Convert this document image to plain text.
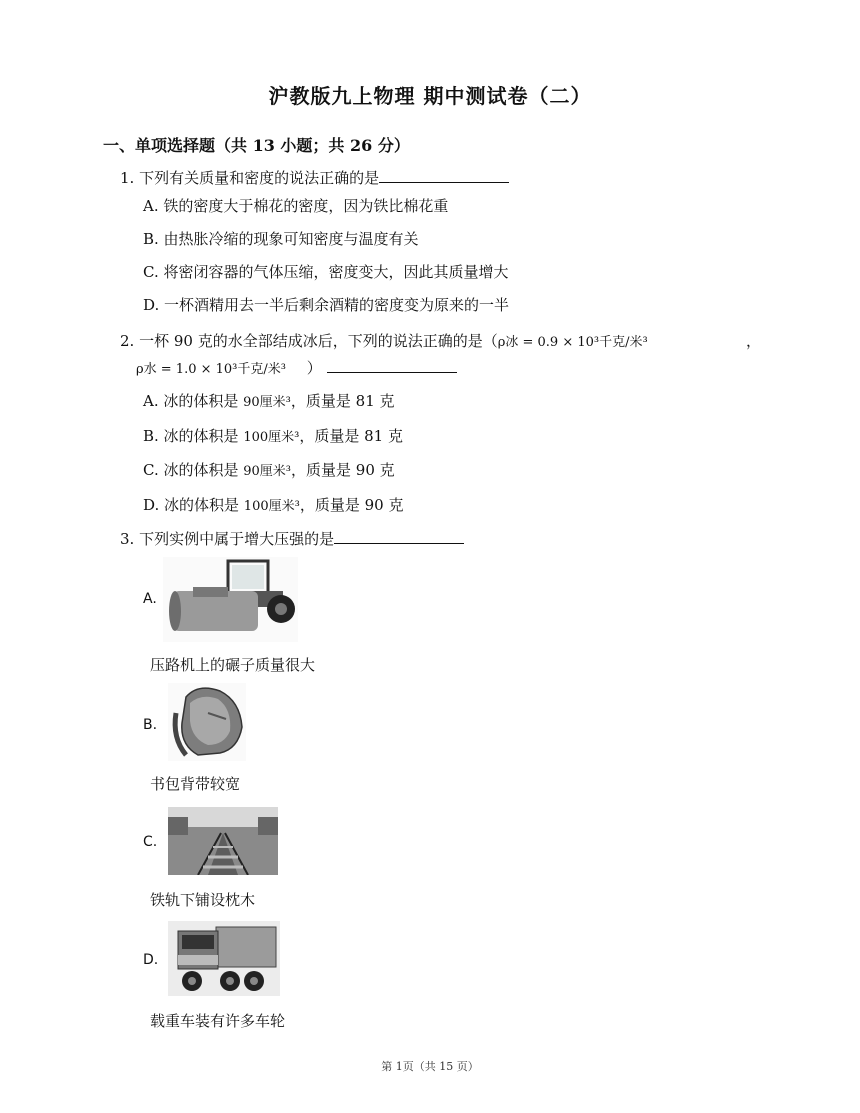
沪教版九上物理 期中测试卷（二）
一、单项选择题（共 13 小题；共 26 分）
1. 下列有关质量和密度的说法正确的是
A. 铁的密度大于棉花的密度，因为铁比棉花重
B. 由热胀冷缩的现象可知密度与温度有关
C. 将密闭容器的气体压缩，密度变大，因此其质量增大
D. 一杯酒精用去一半后剩余酒精的密度变为原来的一半
2. 一杯 90 克的水全部结成冰后，下列的说法正确的是（ρ冰 = 0.9 × 10³千克/米³	，
ρ水 = 1.0 × 10³千克/米³ ）
A. 冰的体积是 90厘米³，质量是 81 克
B. 冰的体积是 100厘米³，质量是 81 克
C. 冰的体积是 90厘米³，质量是 90 克
D. 冰的体积是 100厘米³，质量是 90 克
3. 下列实例中属于增大压强的是
A.
压路机上的碾子质量很大
B.
书包背带较宽
C.
铁轨下铺设枕木
D.
载重车装有许多车轮
第 1页（共 15 页）
